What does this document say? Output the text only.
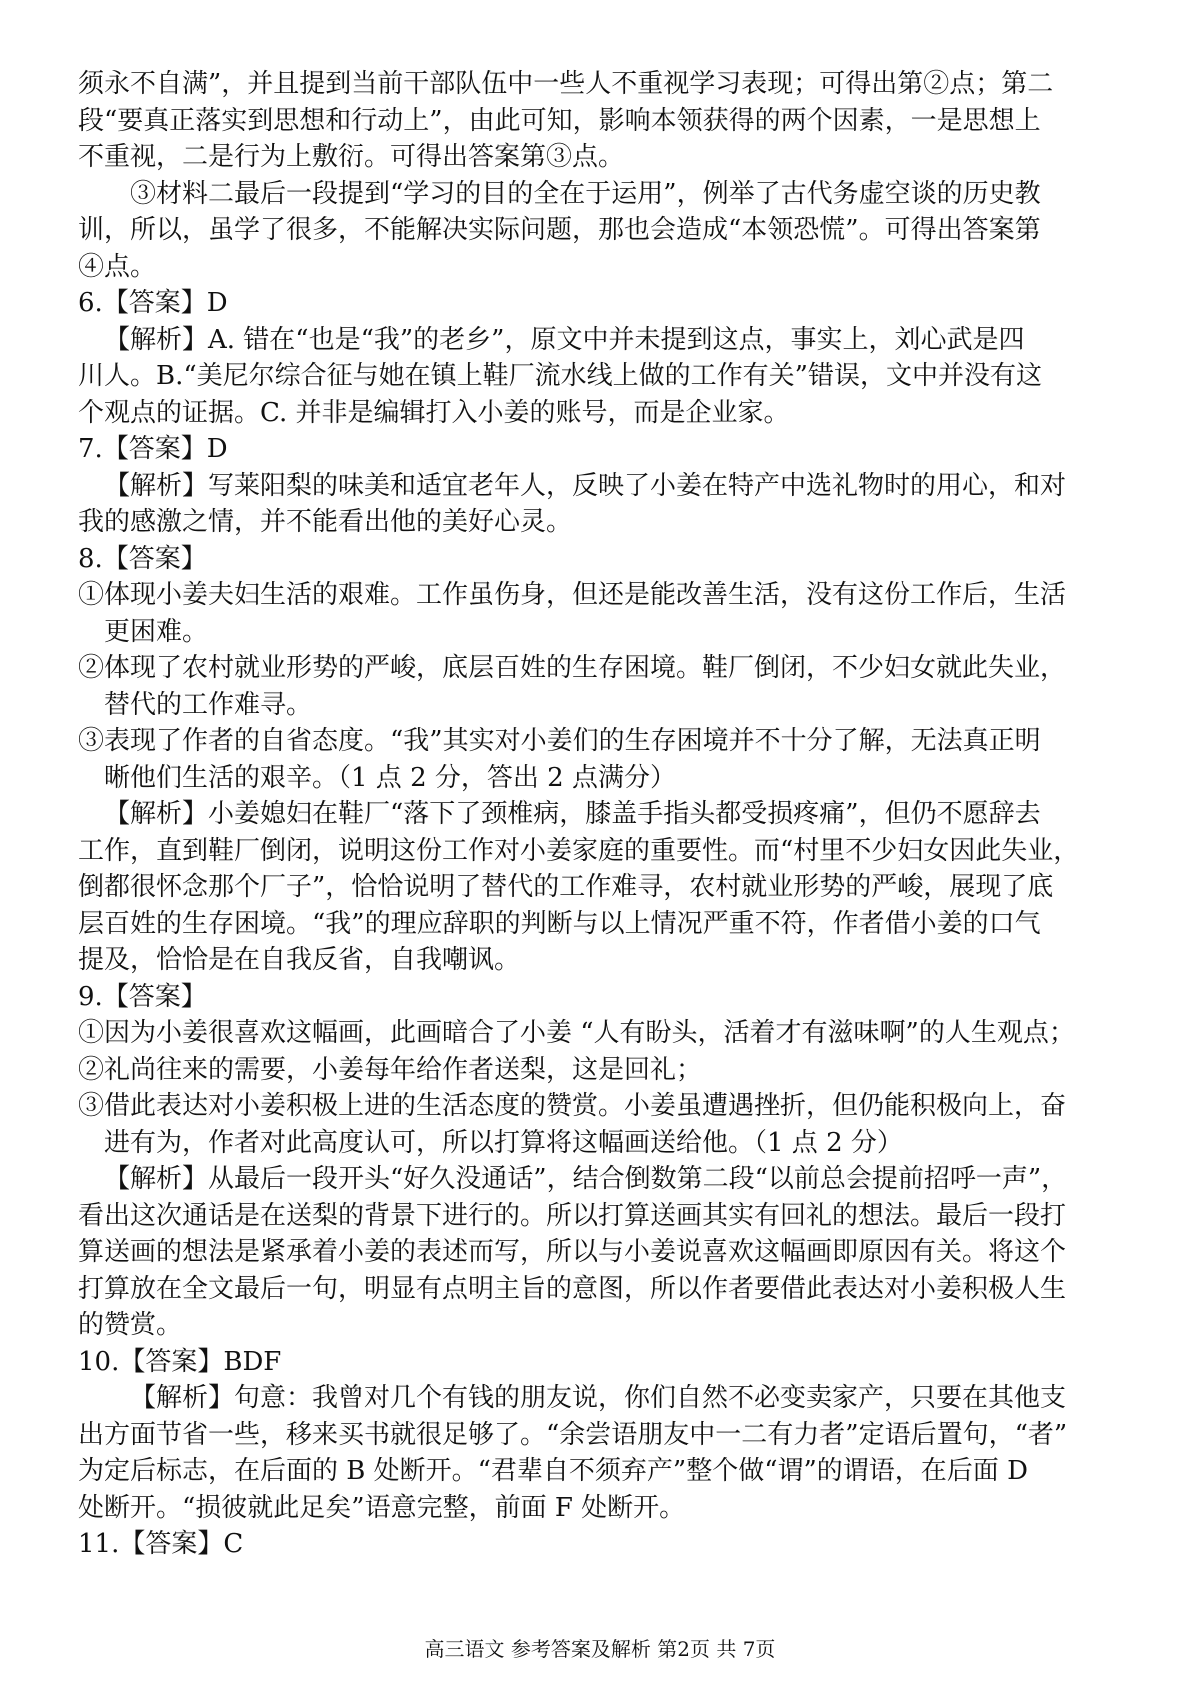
须永不自满”，并且提到当前干部队伍中一些人不重视学习表现；可得出第②点；第二
段“要真正落实到思想和行动上”，由此可知，影响本领获得的两个因素，一是思想上
不重视，二是行为上敷衍。可得出答案第③点。
③材料二最后一段提到“学习的目的全在于运用”，例举了古代务虚空谈的历史教
训，所以，虽学了很多，不能解决实际问题，那也会造成“本领恐慌”。可得出答案第
④点。
6.【答案】D
【解析】A. 错在“也是“我”的老乡”，原文中并未提到这点，事实上，刘心武是四
川人。B.“美尼尔综合征与她在镇上鞋厂流水线上做的工作有关”错误，文中并没有这
个观点的证据。C. 并非是编辑打入小姜的账号，而是企业家。
7.【答案】D
【解析】写莱阳梨的味美和适宜老年人，反映了小姜在特产中选礼物时的用心，和对
我的感激之情，并不能看出他的美好心灵。
8.【答案】
①体现小姜夫妇生活的艰难。工作虽伤身，但还是能改善生活，没有这份工作后，生活
更困难。
②体现了农村就业形势的严峻，底层百姓的生存困境。鞋厂倒闭，不少妇女就此失业，
替代的工作难寻。
③表现了作者的自省态度。“我”其实对小姜们的生存困境并不十分了解，无法真正明
晰他们生活的艰辛。（1 点 2 分，答出 2 点满分）
【解析】小姜媳妇在鞋厂“落下了颈椎病，膝盖手指头都受损疼痛”，但仍不愿辞去
工作，直到鞋厂倒闭，说明这份工作对小姜家庭的重要性。而“村里不少妇女因此失业，
倒都很怀念那个厂子”，恰恰说明了替代的工作难寻，农村就业形势的严峻，展现了底
层百姓的生存困境。“我”的理应辞职的判断与以上情况严重不符，作者借小姜的口气
提及，恰恰是在自我反省，自我嘲讽。
9.【答案】
①因为小姜很喜欢这幅画，此画暗合了小姜 “人有盼头，活着才有滋味啊”的人生观点；
②礼尚往来的需要，小姜每年给作者送梨，这是回礼；
③借此表达对小姜积极上进的生活态度的赞赏。小姜虽遭遇挫折，但仍能积极向上，奋
进有为，作者对此高度认可，所以打算将这幅画送给他。（1 点 2 分）
【解析】从最后一段开头“好久没通话”，结合倒数第二段“以前总会提前招呼一声”，
看出这次通话是在送梨的背景下进行的。所以打算送画其实有回礼的想法。最后一段打
算送画的想法是紧承着小姜的表述而写，所以与小姜说喜欢这幅画即原因有关。将这个
打算放在全文最后一句，明显有点明主旨的意图，所以作者要借此表达对小姜积极人生
的赞赏。
10.【答案】BDF
【解析】句意：我曾对几个有钱的朋友说，你们自然不必变卖家产，只要在其他支
出方面节省一些，移来买书就很足够了。“余尝语朋友中一二有力者”定语后置句，“者”
为定后标志，在后面的 B 处断开。“君辈自不须弃产”整个做“谓”的谓语，在后面 D
处断开。“损彼就此足矣”语意完整，前面 F 处断开。
11.【答案】C
高三语文 参考答案及解析 第2页 共 7页
